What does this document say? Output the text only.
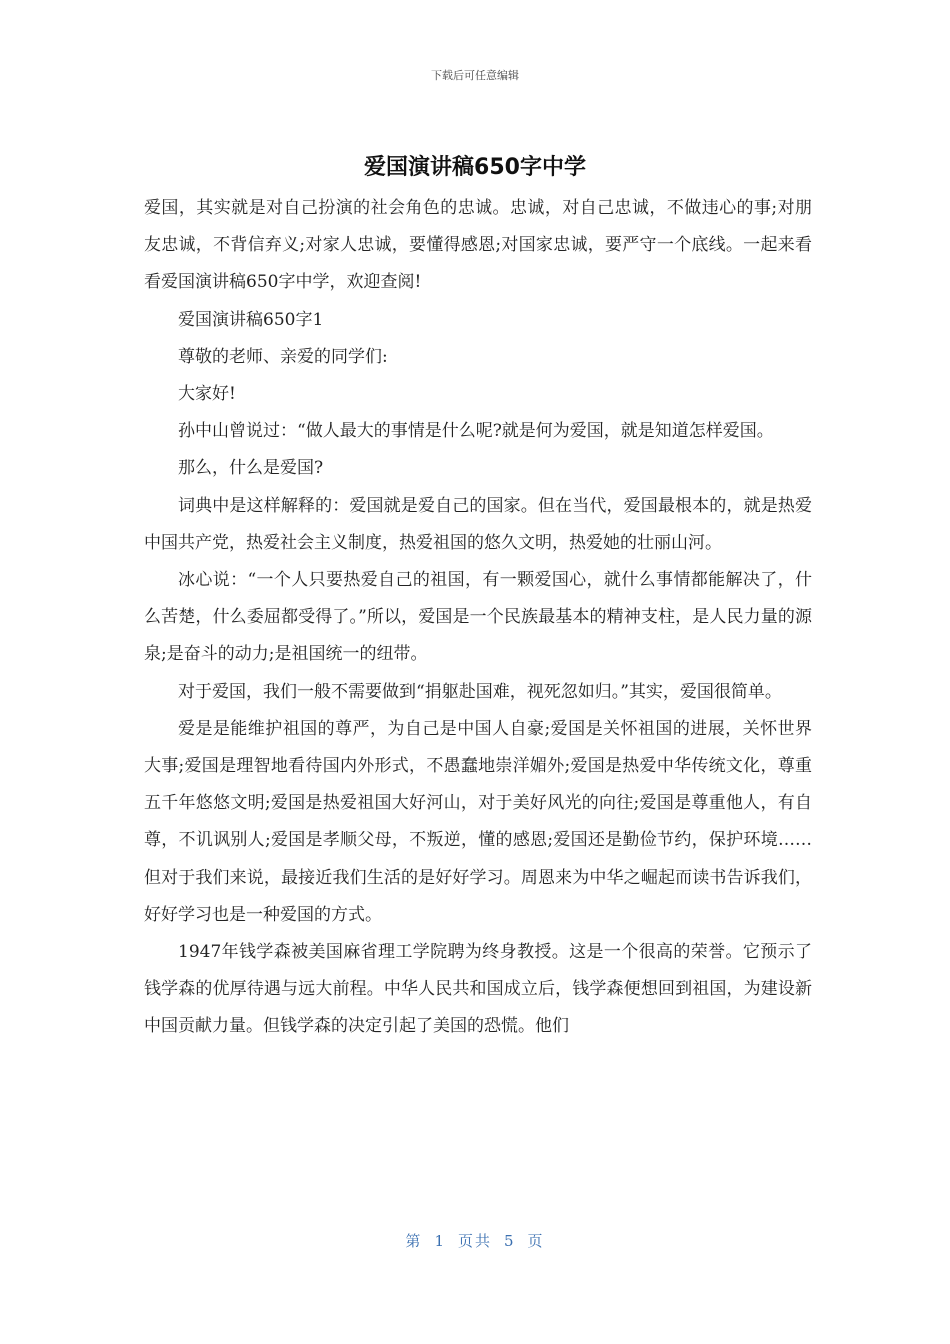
下载后可任意编辑
爱国演讲稿650字中学

爱国，其实就是对自己扮演的社会角色的忠诚。忠诚，对自己忠诚，不做违心的事;对朋友忠诚，不背信弃义;对家人忠诚，要懂得感恩;对国家忠诚，要严守一个底线。一起来看看爱国演讲稿650字中学，欢迎查阅!

爱国演讲稿650字1

尊敬的老师、亲爱的同学们:

大家好!

孙中山曾说过：“做人最大的事情是什么呢?就是何为爱国，就是知道怎样爱国。

那么，什么是爱国?

词典中是这样解释的：爱国就是爱自己的国家。但在当代，爱国最根本的，就是热爱中国共产党，热爱社会主义制度，热爱祖国的悠久文明，热爱她的壮丽山河。

冰心说：“一个人只要热爱自己的祖国，有一颗爱国心，就什么事情都能解决了，什么苦楚，什么委屈都受得了。”所以，爱国是一个民族最基本的精神支柱，是人民力量的源泉;是奋斗的动力;是祖国统一的纽带。

对于爱国，我们一般不需要做到“捐躯赴国难，视死忽如归。”其实，爱国很简单。

爱是是能维护祖国的尊严，为自己是中国人自豪;爱国是关怀祖国的进展，关怀世界大事;爱国是理智地看待国内外形式，不愚蠢地崇洋媚外;爱国是热爱中华传统文化，尊重五千年悠悠文明;爱国是热爱祖国大好河山，对于美好风光的向往;爱国是尊重他人，有自尊，不讥讽别人;爱国是孝顺父母，不叛逆，懂的感恩;爱国还是勤俭节约，保护环境……但对于我们来说，最接近我们生活的是好好学习。周恩来为中华之崛起而读书告诉我们，好好学习也是一种爱国的方式。

1947年钱学森被美国麻省理工学院聘为终身教授。这是一个很高的荣誉。它预示了钱学森的优厚待遇与远大前程。中华人民共和国成立后，钱学森便想回到祖国，为建设新中国贡献力量。但钱学森的决定引起了美国的恐慌。他们

第 1 页共 5 页
